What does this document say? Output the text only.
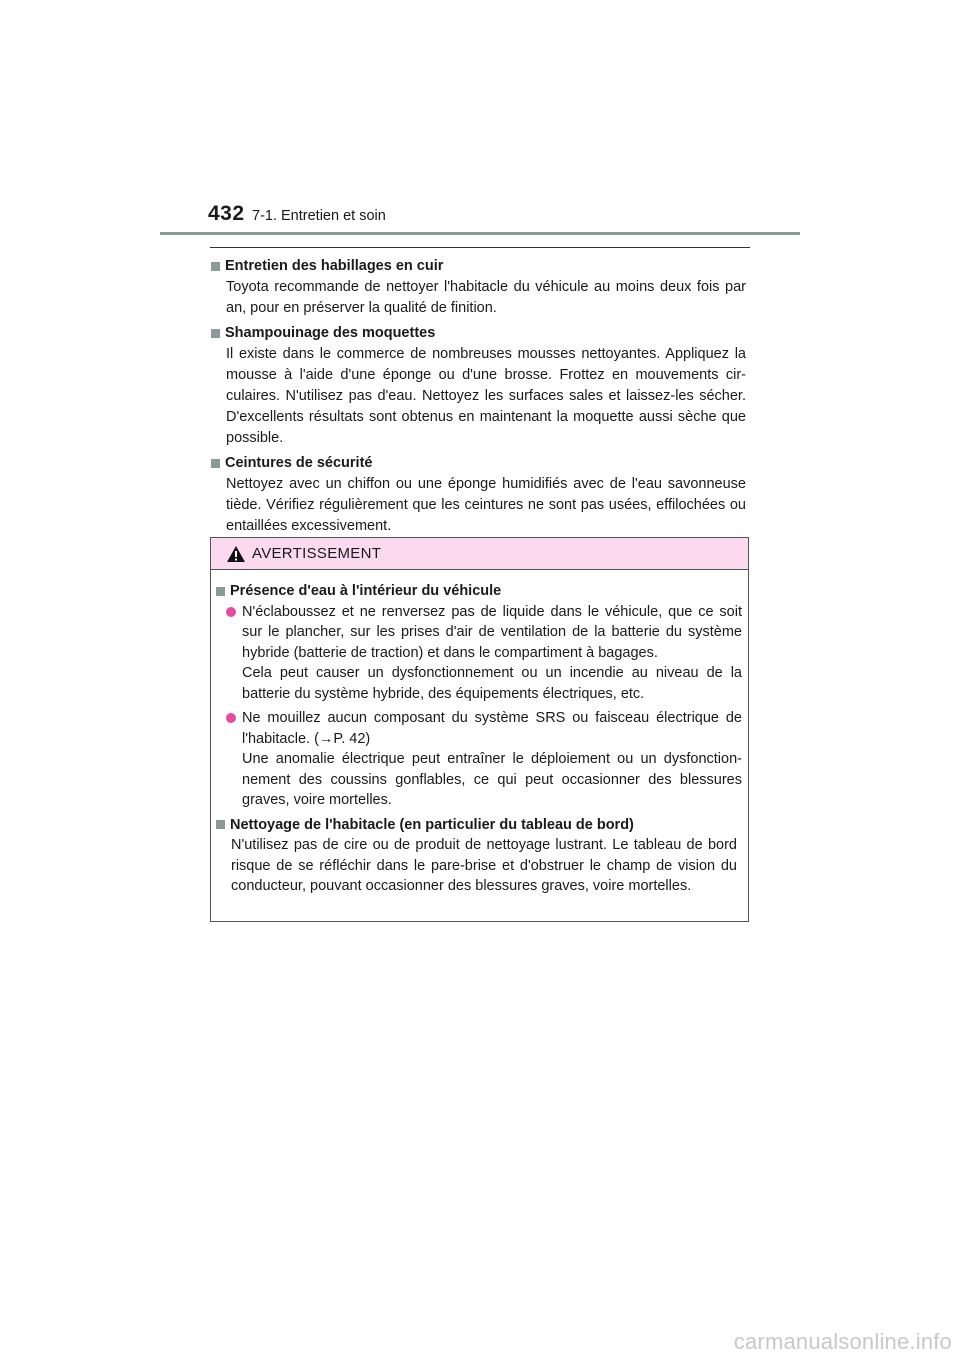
432 7-1. Entretien et soin
Entretien des habillages en cuir
Toyota recommande de nettoyer l'habitacle du véhicule au moins deux fois par an, pour en préserver la qualité de finition.
Shampouinage des moquettes
Il existe dans le commerce de nombreuses mousses nettoyantes. Appliquez la mousse à l'aide d'une éponge ou d'une brosse. Frottez en mouvements cir-culaires. N'utilisez pas d'eau. Nettoyez les surfaces sales et laissez-les sécher. D'excellents résultats sont obtenus en maintenant la moquette aussi sèche que possible.
Ceintures de sécurité
Nettoyez avec un chiffon ou une éponge humidifiés avec de l'eau savonneuse tiède. Vérifiez régulièrement que les ceintures ne sont pas usées, effilochées ou entaillées excessivement.
AVERTISSEMENT
Présence d'eau à l'intérieur du véhicule
N'éclaboussez et ne renversez pas de liquide dans le véhicule, que ce soit sur le plancher, sur les prises d'air de ventilation de la batterie du système hybride (batterie de traction) et dans le compartiment à bagages.
Cela peut causer un dysfonctionnement ou un incendie au niveau de la batterie du système hybride, des équipements électriques, etc.
Ne mouillez aucun composant du système SRS ou faisceau électrique de l'habitacle. (→P. 42)
Une anomalie électrique peut entraîner le déploiement ou un dysfonction-nement des coussins gonflables, ce qui peut occasionner des blessures graves, voire mortelles.
Nettoyage de l'habitacle (en particulier du tableau de bord)
N'utilisez pas de cire ou de produit de nettoyage lustrant. Le tableau de bord risque de se réfléchir dans le pare-brise et d'obstruer le champ de vision du conducteur, pouvant occasionner des blessures graves, voire mortelles.
carmanualsonline.info
